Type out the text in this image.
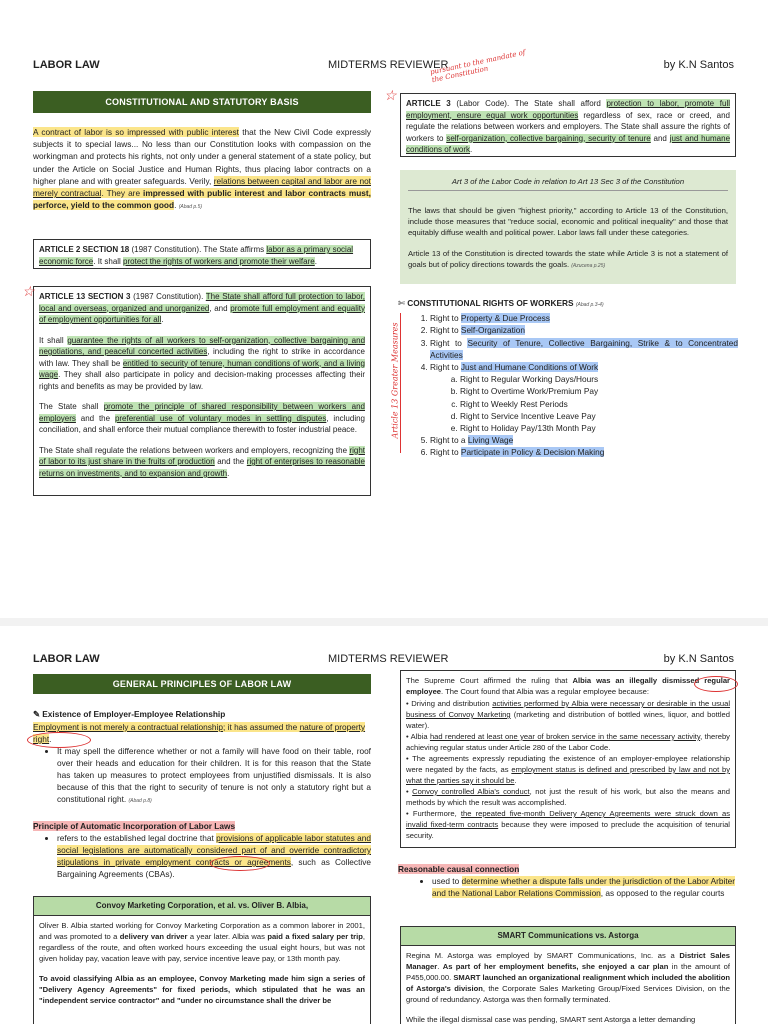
LABOR LAW	MIDTERMS REVIEWER	by K.N Santos
CONSTITUTIONAL AND STATUTORY BASIS
A contract of labor is so impressed with public interest that the New Civil Code expressly subjects it to special laws... No less than our Constitution looks with compassion on the workingman and protects his rights, not only under a general statement of a state policy, but under the Article on Social Justice and Human Rights, thus placing labor contracts on a higher plane and with greater safeguards. Verily, relations between capital and labor are not merely contractual. They are impressed with public interest and labor contracts must, perforce, yield to the common good. (Abad p.5)
ARTICLE 2 SECTION 18 (1987 Constitution). The State affirms labor as a primary social economic force. It shall protect the rights of workers and promote their welfare.

ARTICLE 13 SECTION 3 (1987 Constitution). The State shall afford full protection to labor, local and overseas, organized and unorganized, and promote full employment and equality of employment opportunities for all.

It shall guarantee the rights of all workers to self-organization, collective bargaining and negotiations, and peaceful concerted activities, including the right to strike in accordance with law. They shall be entitled to security of tenure, human conditions of work, and a living wage. They shall also participate in policy and decision-making processes affecting their rights and benefits as may be provided by law.

The State shall promote the principle of shared responsibility between workers and employers and the preferential use of voluntary modes in settling disputes, including conciliation, and shall enforce their mutual compliance therewith to foster industrial peace.

The State shall regulate the relations between workers and employers, recognizing the right of labor to its just share in the fruits of production and the right of enterprises to reasonable returns on investments, and to expansion and growth.

☆
☆
pursuant to the mandate of the Constitution
ARTICLE 3 (Labor Code). The State shall afford protection to labor, promote full employment, ensure equal work opportunities regardless of sex, race or creed, and regulate the relations between workers and employers. The State shall assure the rights of workers to self-organization, collective bargaining, security of tenure and just and humane conditions of work.
Art 3 of the Labor Code in relation to Art 13 Sec 3 of the Constitution

The laws that should be given "highest priority," according to Article 13 of the Constitution, include those measures that "reduce social, economic and political inequality" and those that equitably diffuse wealth and political power. Labor laws fall under these categories.

Article 13 of the Constitution is directed towards the state while Article 3 is not a statement of goals but of policy directions towards the goals. (Azucena p.25)

✄ CONSTITUTIONAL RIGHTS OF WORKERS (Abad p.3-4)
1. Right to Property & Due Process
2. Right to Self-Organization
3. Right to Security of Tenure, Collective Bargaining, Strike & to Concentrated Activities
4. Right to Just and Humane Conditions of Work
a. Right to Regular Working Days/Hours
b. Right to Overtime Work/Premium Pay
c. Right to Weekly Rest Periods
d. Right to Service Incentive Leave Pay
e. Right to Holiday Pay/13th Month Pay
5. Right to a Living Wage
6. Right to Participate in Policy & Decision Making
Article 13 Greater Measures
LABOR LAW	MIDTERMS REVIEWER	by K.N Santos
GENERAL PRINCIPLES OF LABOR LAW
✎ Existence of Employer-Employee Relationship
Employment is not merely a contractual relationship; it has assumed the nature of property right.
• It may spell the difference whether or not a family will have food on their table, roof over their heads and education for their children. It is for this reason that the State has taken up measures to protect employees from unjustified dismissals. It is also because of this that the right to security of tenure is not only a statutory right but a constitutional right. (Abad p.8)
Principle of Automatic Incorporation of Labor Laws
• refers to the established legal doctrine that provisions of applicable labor statutes and social legislations are automatically considered part of and override contradictory stipulations in private employment contracts or agreements, such as Collective Bargaining Agreements (CBAs).
Convoy Marketing Corporation, et al. vs. Oliver B. Albia,

Oliver B. Albia started working for Convoy Marketing Corporation as a common laborer in 2001, and was promoted to a delivery van driver a year later. Albia was paid a fixed salary per trip, regardless of the route, and often worked hours exceeding the usual eight hours, but was not given holiday pay, vacation leave with pay, service incentive leave pay, or 13th month pay.

To avoid classifying Albia as an employee, Convoy Marketing made him sign a series of "Delivery Agency Agreements" for fixed periods, which stipulated that he was an "independent service contractor" and "under no circumstance shall the driver be

The Supreme Court affirmed the ruling that Albia was an illegally dismissed regular employee. The Court found that Albia was a regular employee because:
• Driving and distribution activities performed by Albia were necessary or desirable in the usual business of Convoy Marketing (marketing and distribution of bottled wines, liquor, and bottled water).
• Albia had rendered at least one year of broken service in the same necessary activity, thereby achieving regular status under Article 280 of the Labor Code.
• The agreements expressly repudiating the existence of an employer-employee relationship were negated by the facts, as employment status is defined and prescribed by law and not by what the parties say it should be.
• Convoy controlled Albia's conduct, not just the result of his work, but also the means and methods by which the result was accomplished.
• Furthermore, the repeated five-month Delivery Agency Agreements were struck down as invalid fixed-term contracts because they were imposed to preclude the acquisition of tenurial security.
Reasonable causal connection
• used to determine whether a dispute falls under the jurisdiction of the Labor Arbiter and the National Labor Relations Commission, as opposed to the regular courts
SMART Communications vs. Astorga

Regina M. Astorga was employed by SMART Communications, Inc. as a District Sales Manager. As part of her employment benefits, she enjoyed a car plan in the amount of P455,000.00. SMART launched an organizational realignment which included the abolition of Astorga's division, the Corporate Sales Marketing Group/Fixed Services Division, on the ground of redundancy. Astorga was then formally terminated.

While the illegal dismissal case was pending, SMART sent Astorga a letter demanding
